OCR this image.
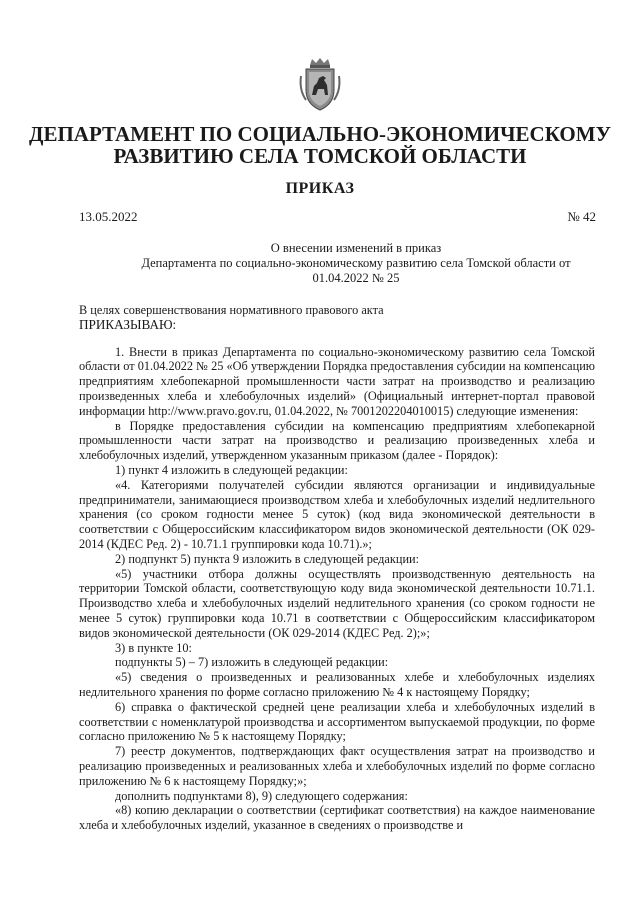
ДЕПАРТАМЕНТ ПО СОЦИАЛЬНО-ЭКОНОМИЧЕСКОМУ
РАЗВИТИЮ СЕЛА ТОМСКОЙ ОБЛАСТИ
ПРИКАЗ
13.05.2022	№ 42
О внесении изменений в приказ
Департамента по социально-экономическому развитию села Томской области от
01.04.2022 № 25

В целях совершенствования нормативного правового акта

ПРИКАЗЫВАЮ:

1. Внести в приказ Департамента по социально-экономическому развитию села Томской области от 01.04.2022 № 25 «Об утверждении Порядка предоставления субсидии на компенсацию предприятиям хлебопекарной промышленности части затрат на производство и реализацию произведенных хлеба и хлебобулочных изделий» (Официальный интернет-портал правовой информации http://www.pravo.gov.ru, 01.04.2022, № 7001202204010015) следующие изменения:

в Порядке предоставления субсидии на компенсацию предприятиям хлебопекарной промышленности части затрат на производство и реализацию произведенных хлеба и хлебобулочных изделий, утвержденном указанным приказом (далее - Порядок):

1) пункт 4 изложить в следующей редакции:

«4. Категориями получателей субсидии являются организации и индивидуальные предприниматели, занимающиеся производством хлеба и хлебобулочных изделий недлительного хранения (со сроком годности менее 5 суток) (код вида экономической деятельности в соответствии с Общероссийским классификатором видов экономической деятельности (ОК 029-2014 (КДЕС Ред. 2) - 10.71.1 группировки кода 10.71).»;

2) подпункт 5) пункта 9 изложить в следующей редакции:

«5) участники отбора должны осуществлять производственную деятельность на территории Томской области, соответствующую коду вида экономической деятельности 10.71.1. Производство хлеба и хлебобулочных изделий недлительного хранения (со сроком годности не менее 5 суток) группировки кода 10.71 в соответствии с Общероссийским классификатором видов экономической деятельности (ОК 029-2014 (КДЕС Ред. 2);»;

3) в пункте 10:

подпункты 5) – 7) изложить в следующей редакции:

«5) сведения о произведенных и реализованных хлебе и хлебобулочных изделиях недлительного хранения по форме согласно приложению № 4 к настоящему Порядку;

6) справка о фактической средней цене реализации хлеба и хлебобулочных изделий в соответствии с номенклатурой производства и ассортиментом выпускаемой продукции, по форме согласно приложению № 5 к настоящему Порядку;

7) реестр документов, подтверждающих факт осуществления затрат на производство и реализацию произведенных и реализованных хлеба и хлебобулочных изделий по форме согласно приложению № 6 к настоящему Порядку;»;

дополнить подпунктами 8), 9) следующего содержания:

«8) копию декларации о соответствии (сертификат соответствия) на каждое наименование хлеба и хлебобулочных изделий, указанное в сведениях о производстве и
